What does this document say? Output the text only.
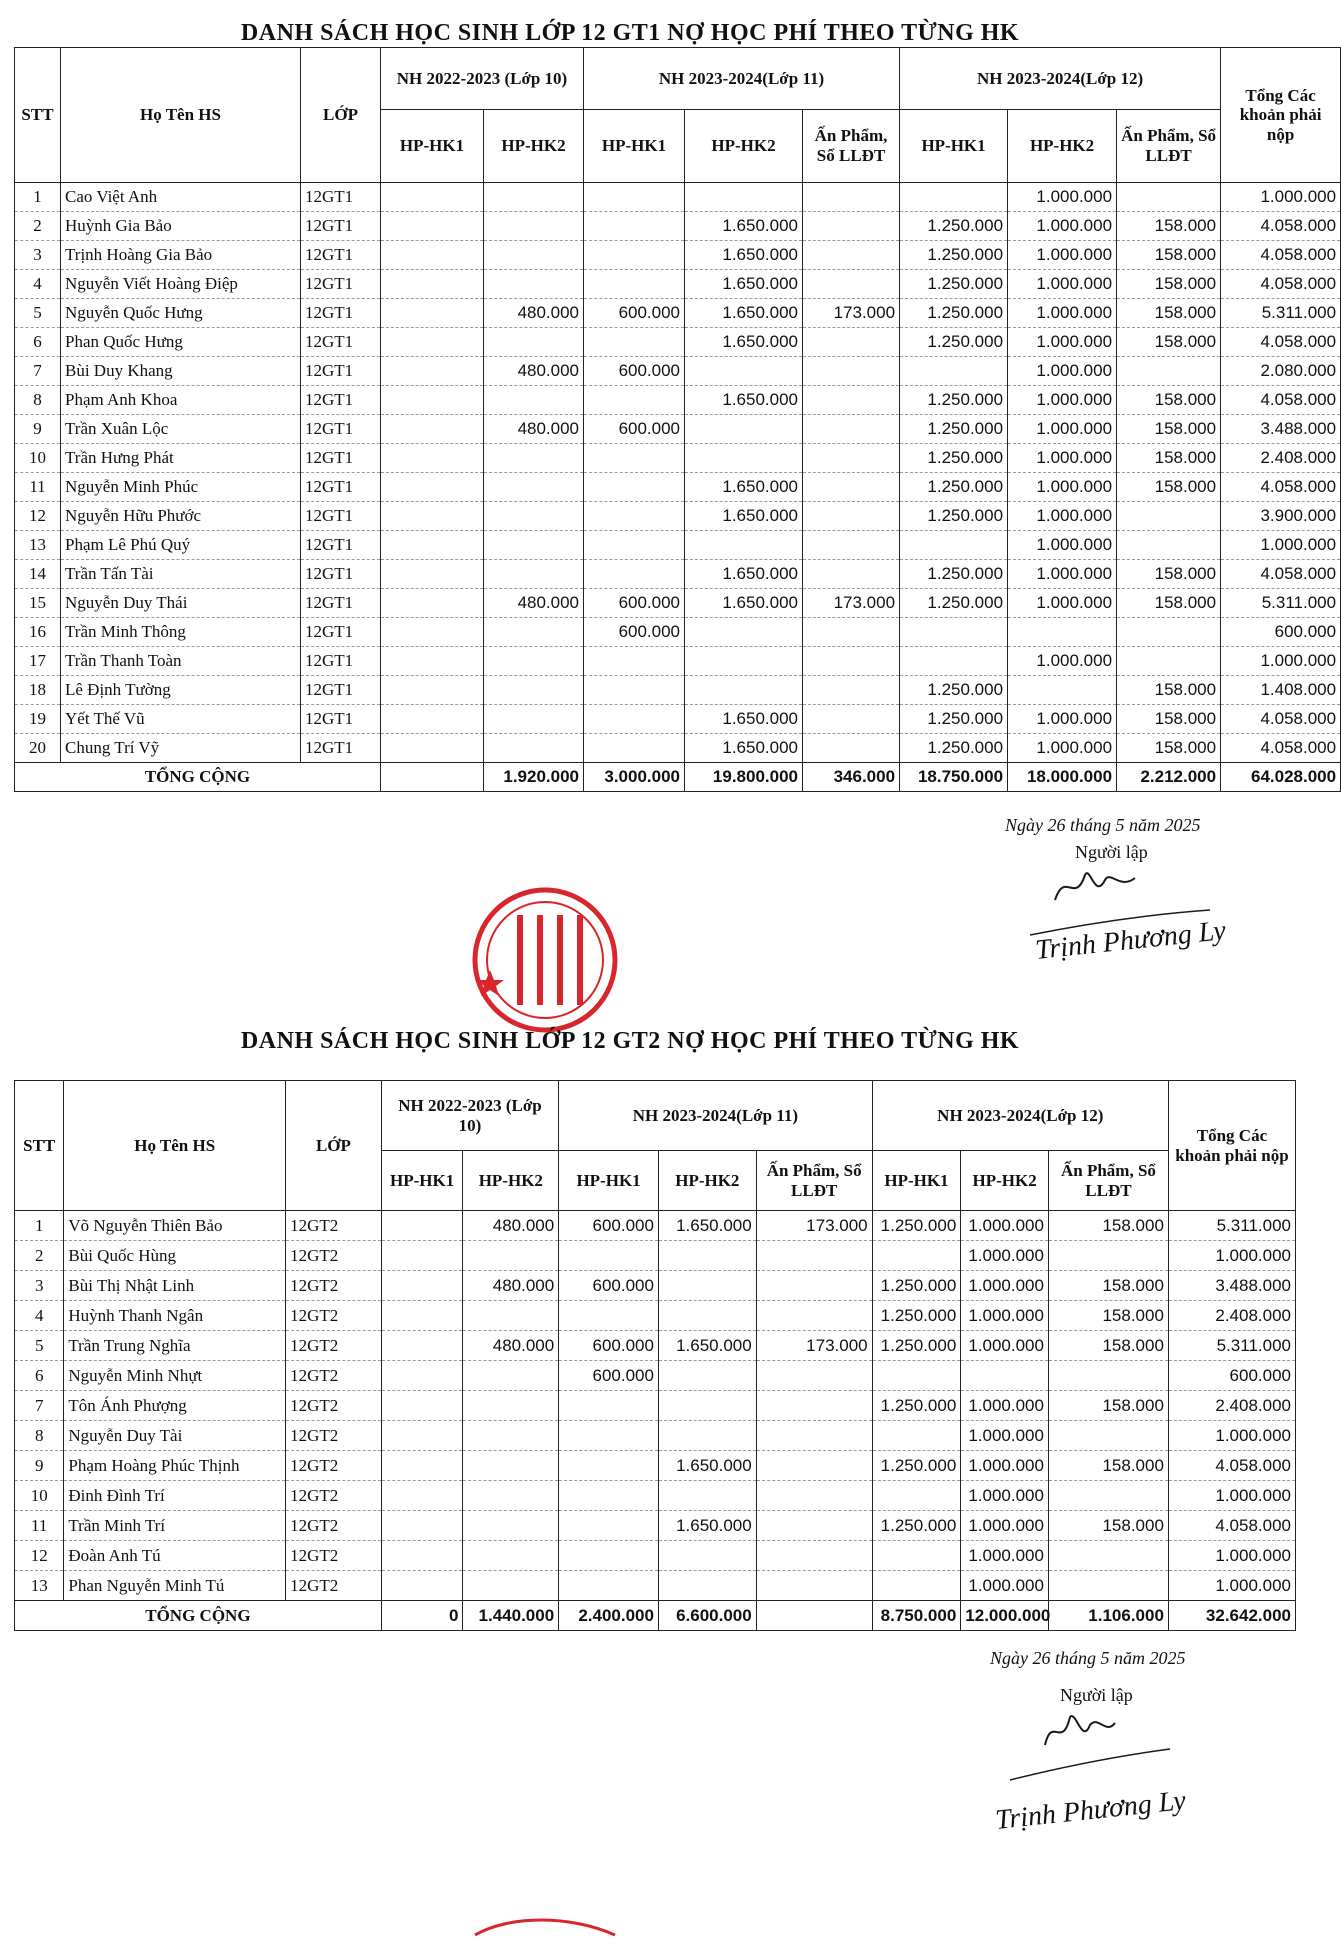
DANH SÁCH HỌC SINH LỚP 12 GT1 NỢ HỌC PHÍ THEO TỪNG HK
STT	Họ Tên HS	LỚP	NH 2022-2023 (Lớp 10)		NH 2023-2024(Lớp 11)			NH 2023-2024(Lớp 12)			Tổng Các khoản phải nộp
			HP-HK1	HP-HK2	HP-HK1	HP-HK2	Ấn Phẩm, Sổ LLĐT	HP-HK1	HP-HK2	Ấn Phẩm, Sổ LLĐT	
1	Cao Việt Anh	12GT1							1.000.000		1.000.000
2	Huỳnh Gia Bảo	12GT1				1.650.000		1.250.000	1.000.000	158.000	4.058.000
3	Trịnh Hoàng Gia Bảo	12GT1				1.650.000		1.250.000	1.000.000	158.000	4.058.000
4	Nguyễn Viết Hoàng Điệp	12GT1				1.650.000		1.250.000	1.000.000	158.000	4.058.000
5	Nguyễn Quốc Hưng	12GT1		480.000	600.000	1.650.000	173.000	1.250.000	1.000.000	158.000	5.311.000
6	Phan Quốc Hưng	12GT1				1.650.000		1.250.000	1.000.000	158.000	4.058.000
7	Bùi Duy Khang	12GT1		480.000	600.000				1.000.000		2.080.000
8	Phạm Anh Khoa	12GT1				1.650.000		1.250.000	1.000.000	158.000	4.058.000
9	Trần Xuân Lộc	12GT1		480.000	600.000			1.250.000	1.000.000	158.000	3.488.000
10	Trần Hưng Phát	12GT1						1.250.000	1.000.000	158.000	2.408.000
11	Nguyễn Minh Phúc	12GT1				1.650.000		1.250.000	1.000.000	158.000	4.058.000
12	Nguyễn Hữu Phước	12GT1				1.650.000		1.250.000	1.000.000		3.900.000
13	Phạm Lê Phú Quý	12GT1							1.000.000		1.000.000
14	Trần Tấn Tài	12GT1				1.650.000		1.250.000	1.000.000	158.000	4.058.000
15	Nguyễn Duy Thái	12GT1		480.000	600.000	1.650.000	173.000	1.250.000	1.000.000	158.000	5.311.000
16	Trần Minh Thông	12GT1			600.000						600.000
17	Trần Thanh Toàn	12GT1							1.000.000		1.000.000
18	Lê Định Tường	12GT1						1.250.000		158.000	1.408.000
19	Yết Thế Vũ	12GT1				1.650.000		1.250.000	1.000.000	158.000	4.058.000
20	Chung Trí Vỹ	12GT1				1.650.000		1.250.000	1.000.000	158.000	4.058.000
TỔNG CỘNG				1.920.000	3.000.000	19.800.000	346.000	18.750.000	18.000.000	2.212.000	64.028.000
Ngày 26 tháng 5 năm 2025
Người lập
Trịnh Phương Ly
DANH SÁCH HỌC SINH LỚP 12 GT2 NỢ HỌC PHÍ THEO TỪNG HK
STT	Họ Tên HS	LỚP	NH 2022-2023 (Lớp 10)		NH 2023-2024(Lớp 11)			NH 2023-2024(Lớp 12)			Tổng Các khoản phải nộp
			HP-HK1	HP-HK2	HP-HK1	HP-HK2	Ấn Phẩm, Sổ LLĐT	HP-HK1	HP-HK2	Ấn Phẩm, Sổ LLĐT	
1	Võ Nguyễn Thiên Bảo	12GT2		480.000	600.000	1.650.000	173.000	1.250.000	1.000.000	158.000	5.311.000
2	Bùi Quốc Hùng	12GT2							1.000.000		1.000.000
3	Bùi Thị Nhật Linh	12GT2		480.000	600.000			1.250.000	1.000.000	158.000	3.488.000
4	Huỳnh Thanh Ngân	12GT2						1.250.000	1.000.000	158.000	2.408.000
5	Trần Trung Nghĩa	12GT2		480.000	600.000	1.650.000	173.000	1.250.000	1.000.000	158.000	5.311.000
6	Nguyễn Minh Nhựt	12GT2			600.000						600.000
7	Tôn Ánh Phượng	12GT2						1.250.000	1.000.000	158.000	2.408.000
8	Nguyễn Duy Tài	12GT2							1.000.000		1.000.000
9	Phạm Hoàng Phúc Thịnh	12GT2				1.650.000		1.250.000	1.000.000	158.000	4.058.000
10	Đinh Đình Trí	12GT2							1.000.000		1.000.000
11	Trần Minh Trí	12GT2				1.650.000		1.250.000	1.000.000	158.000	4.058.000
12	Đoàn Anh Tú	12GT2							1.000.000		1.000.000
13	Phan Nguyễn Minh Tú	12GT2							1.000.000		1.000.000
TỔNG CỘNG			0	1.440.000	2.400.000	6.600.000		8.750.000	12.000.000	1.106.000	32.642.000
Ngày 26 tháng 5 năm 2025
Người lập
Trịnh Phương Ly
